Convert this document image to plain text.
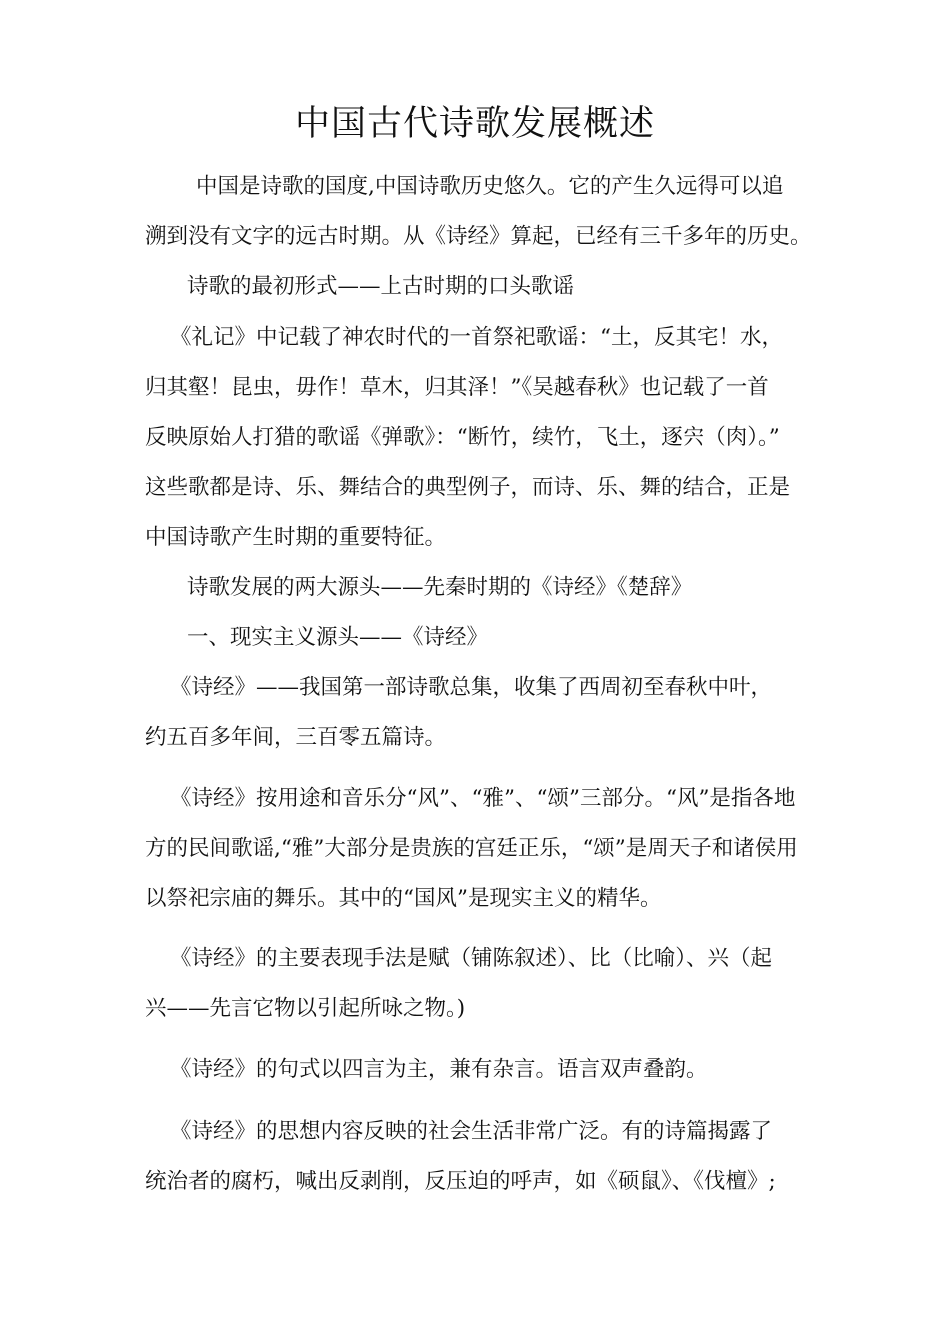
中国古代诗歌发展概述
中国是诗歌的国度,中国诗歌历史悠久。它的产生久远得可以追
溯到没有文字的远古时期。从《诗经》算起，已经有三千多年的历史。
诗歌的最初形式——上古时期的口头歌谣
《礼记》中记载了神农时代的一首祭祀歌谣：“土，反其宅！水，
归其壑！昆虫，毋作！草木，归其泽！”《吴越春秋》也记载了一首
反映原始人打猎的歌谣《弹歌》：“断竹，续竹，飞土，逐宍（肉）。”
这些歌都是诗、乐、舞结合的典型例子，而诗、乐、舞的结合，正是
中国诗歌产生时期的重要特征。
诗歌发展的两大源头——先秦时期的《诗经》《楚辞》
一、现实主义源头——《诗经》
《诗经》——我国第一部诗歌总集，收集了西周初至春秋中叶，
约五百多年间，三百零五篇诗。
《诗经》按用途和音乐分“风”、“雅”、“颂”三部分。“风”是指各地
方的民间歌谣,“雅”大部分是贵族的宫廷正乐，“颂”是周天子和诸侯用
以祭祀宗庙的舞乐。其中的“国风”是现实主义的精华。
《诗经》的主要表现手法是赋（铺陈叙述）、比（比喻）、兴（起
兴——先言它物以引起所咏之物。)
《诗经》的句式以四言为主，兼有杂言。语言双声叠韵。
《诗经》的思想内容反映的社会生活非常广泛。有的诗篇揭露了
统治者的腐朽，喊出反剥削，反压迫的呼声，如《硕鼠》、《伐檀》;
